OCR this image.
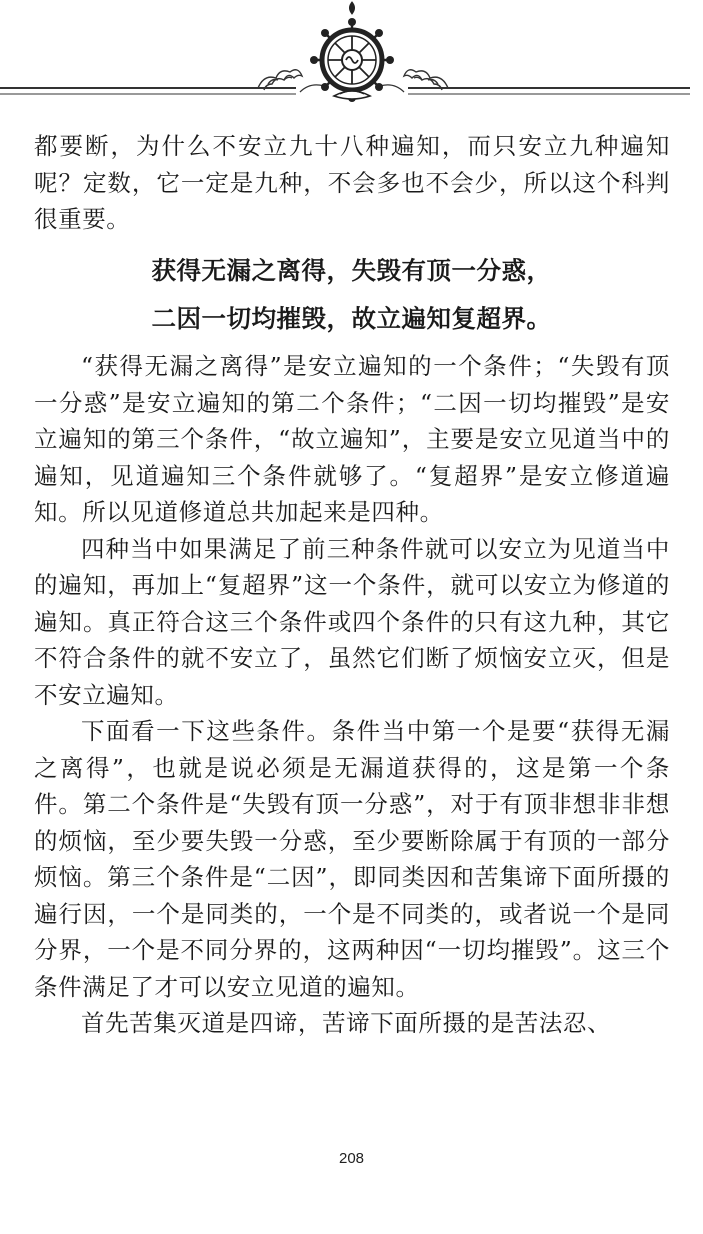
都要断，为什么不安立九十八种遍知，而只安立九种遍知呢？定数，它一定是九种，不会多也不会少，所以这个科判很重要。

获得无漏之离得，失毁有顶一分惑，

二因一切均摧毁，故立遍知复超界。

“获得无漏之离得”是安立遍知的一个条件；“失毁有顶一分惑”是安立遍知的第二个条件；“二因一切均摧毁”是安立遍知的第三个条件，“故立遍知”，主要是安立见道当中的遍知，见道遍知三个条件就够了。“复超界”是安立修道遍知。所以见道修道总共加起来是四种。

四种当中如果满足了前三种条件就可以安立为见道当中的遍知，再加上“复超界”这一个条件，就可以安立为修道的遍知。真正符合这三个条件或四个条件的只有这九种，其它不符合条件的就不安立了，虽然它们断了烦恼安立灭，但是不安立遍知。

下面看一下这些条件。条件当中第一个是要“获得无漏之离得”，也就是说必须是无漏道获得的，这是第一个条件。第二个条件是“失毁有顶一分惑”，对于有顶非想非非想的烦恼，至少要失毁一分惑，至少要断除属于有顶的一部分烦恼。第三个条件是“二因”，即同类因和苦集谛下面所摄的遍行因，一个是同类的，一个是不同类的，或者说一个是同分界，一个是不同分界的，这两种因“一切均摧毁”。这三个条件满足了才可以安立见道的遍知。

首先苦集灭道是四谛，苦谛下面所摄的是苦法忍、

208
